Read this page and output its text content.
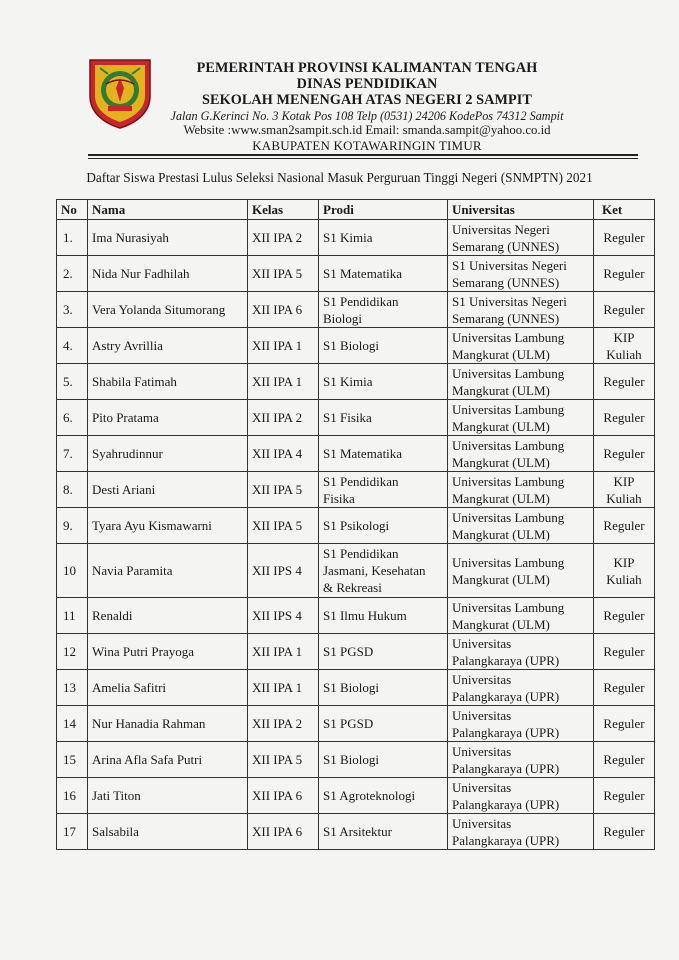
PEMERINTAH PROVINSI KALIMANTAN TENGAH
DINAS PENDIDIKAN
SEKOLAH MENENGAH ATAS NEGERI 2 SAMPIT
Jalan G.Kerinci No. 3 Kotak Pos 108 Telp (0531) 24206 KodePos 74312 Sampit
Website :www.sman2sampit.sch.id Email: smanda.sampit@yahoo.co.id
KABUPATEN KOTAWARINGIN TIMUR
Daftar Siswa Prestasi Lulus Seleksi Nasional Masuk Perguruan Tinggi Negeri (SNMPTN) 2021
No	Nama	Kelas	Prodi	Universitas	Ket

1.	Ima Nurasiyah	XII IPA 2	S1 Kimia	Universitas Negeri
Semarang (UNNES)	Reguler

2.	Nida Nur Fadhilah	XII IPA 5	S1 Matematika	S1 Universitas Negeri
Semarang (UNNES)	Reguler

3.	Vera Yolanda Situmorang	XII IPA 6	S1 Pendidikan
Biologi	S1 Universitas Negeri
Semarang (UNNES)	Reguler

4.	Astry Avrillia	XII IPA 1	S1 Biologi	Universitas Lambung
Mangkurat (ULM)	KIP
Kuliah

5.	Shabila Fatimah	XII IPA 1	S1 Kimia	Universitas Lambung
Mangkurat (ULM)	Reguler

6.	Pito Pratama	XII IPA 2	S1 Fisika	Universitas Lambung
Mangkurat (ULM)	Reguler

7.	Syahrudinnur	XII IPA 4	S1 Matematika	Universitas Lambung
Mangkurat (ULM)	Reguler

8.	Desti Ariani	XII IPA 5	S1 Pendidikan
Fisika	Universitas Lambung
Mangkurat (ULM)	KIP
Kuliah

9.	Tyara Ayu Kismawarni	XII IPA 5	S1 Psikologi	Universitas Lambung
Mangkurat (ULM)	Reguler

10	Navia Paramita	XII IPS 4	S1 Pendidikan
Jasmani, Kesehatan
& Rekreasi	Universitas Lambung
Mangkurat (ULM)	KIP
Kuliah

11	Renaldi	XII IPS 4	S1 Ilmu Hukum	Universitas Lambung
Mangkurat (ULM)	Reguler

12	Wina Putri Prayoga	XII IPA 1	S1 PGSD	Universitas
Palangkaraya (UPR)	Reguler

13	Amelia Safitri	XII IPA 1	S1 Biologi	Universitas
Palangkaraya (UPR)	Reguler

14	Nur Hanadia Rahman	XII IPA 2	S1 PGSD	Universitas
Palangkaraya (UPR)	Reguler

15	Arina Afla Safa Putri	XII IPA 5	S1 Biologi	Universitas
Palangkaraya (UPR)	Reguler

16	Jati Titon	XII IPA 6	S1 Agroteknologi	Universitas
Palangkaraya (UPR)	Reguler

17	Salsabila	XII IPA 6	S1 Arsitektur	Universitas
Palangkaraya (UPR)	Reguler
